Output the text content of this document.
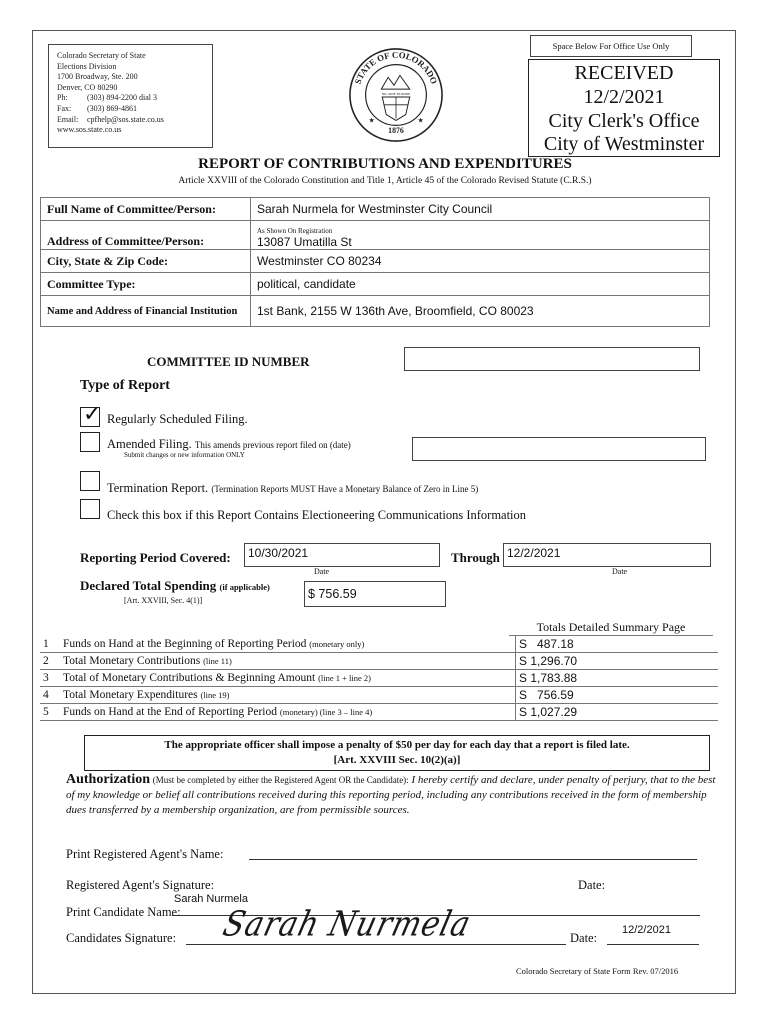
Colorado Secretary of State
Elections Division
1700 Broadway, Ste. 200
Denver, CO 80290
Ph: (303) 894-2200 dial 3
Fax: (303) 869-4861
Email: cpfhelp@sos.state.co.us
www.sos.state.co.us
STATE OF COLORADO
NIL SINE NUMINE
1876
★	★
Space Below For Office Use Only
RECEIVED
12/2/2021
City Clerk's Office
City of Westminster
REPORT OF CONTRIBUTIONS AND EXPENDITURES
Article XXVIII of the Colorado Constitution and Title 1, Article 45 of the Colorado Revised Statute (C.R.S.)
Full Name of Committee/Person:	Sarah Nurmela for Westminster City Council
Address of Committee/Person:	As Shown On Registration
13087 Umatilla St

City, State & Zip Code:	Westminster CO 80234
Committee Type:	political, candidate
Name and Address of Financial Institution	1st Bank, 2155 W 136th Ave, Broomfield, CO 80023
COMMITTEE ID NUMBER
Type of Report
✓ Regularly Scheduled Filing.
Amended Filing. This amends previous report filed on (date)
Submit changes or new information ONLY
Termination Report. (Termination Reports MUST Have a Monetary Balance of Zero in Line 5)
Check this box if this Report Contains Electioneering Communications Information
Reporting Period Covered:	10/30/2021
Date
Through 12/2/2021
Date
Declared Total Spending (if applicable)
[Art. XXVIII, Sec. 4(1)]	$ 756.59
Totals Detailed Summary Page
1	Funds on Hand at the Beginning of Reporting Period (monetary only)	S 487.18
2	Total Monetary Contributions (line 11)	S 1,296.70
3	Total of Monetary Contributions & Beginning Amount (line 1 + line 2)	S 1,783.88
4	Total Monetary Expenditures (line 19)	S 756.59
5	Funds on Hand at the End of Reporting Period (monetary) (line 3 – line 4)	S 1,027.29
The appropriate officer shall impose a penalty of $50 per day for each day that a report is filed late.
[Art. XXVIII Sec. 10(2)(a)]
Authorization (Must be completed by either the Registered Agent OR the Candidate): I hereby certify and declare, under penalty of perjury, that to the best of my knowledge or belief all contributions received during this reporting period, including any contributions received in the form of membership dues transferred by a membership organization, are from permissible sources.
Print Registered Agent's Name:
Registered Agent's Signature:	Date:
Print Candidate Name:
Sarah Nurmela
Candidates Signature: Sarah Nurmela	Date:
12/2/2021
Colorado Secretary of State Form Rev. 07/2016
